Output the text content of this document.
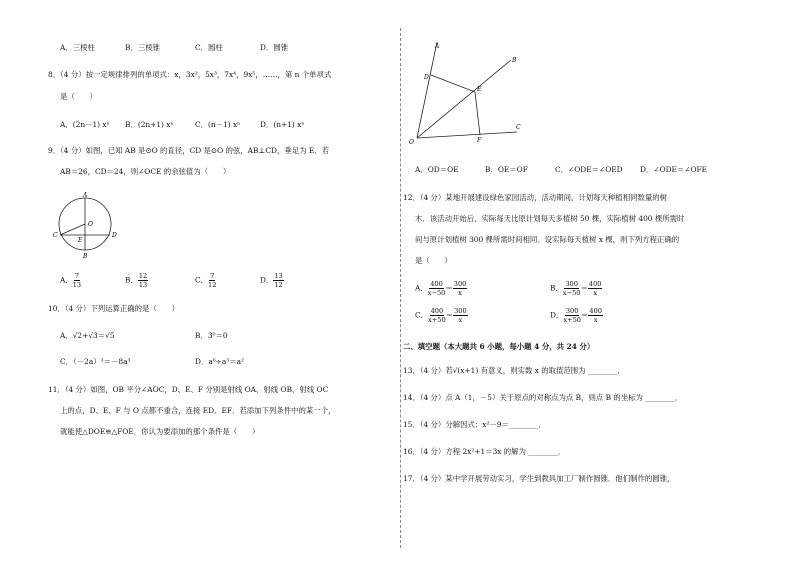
A．三棱柱	B．三棱锥	C．圆柱	D．圆锥
8．（4 分）按一定规律排列的单项式：x，3x²，5x³，7x⁴，9x⁵，……，第 n 个单项式
是（　　）
A．(2n－1) xⁿ B．(2n+1) xⁿ	C．(n－1) xⁿ	D．(n+1) xⁿ
9．（4 分）如图，已知 AB 是⊙O 的直径，CD 是⊙O 的弦，AB⊥CD，垂足为 E．若
AB＝26，CD＝24，则∠OCE 的余弦值为（　　）
A
O
C
E
D
B
A． $\frac{7}{13}$	B． $\frac{12}{13}$	C． $\frac{7}{12}$	D． $\frac{13}{12}$
10．（4 分）下列运算正确的是（　　）
A．√2+√3＝√5	B．3⁰＝0
C．（－2a）³＝－8a³	D．a⁶÷a³＝a²
11．（4 分）如图，OB 平分∠AOC，D、E、F 分别是射线 OA、射线 OB、射线 OC
上的点，D、E、F 与 O 点都不重合，连接 ED、EF．若添加下列条件中的某一个，
就能使△DOE≌△FOE．你认为要添加的那个条件是（　　）
A
B
C
D
E
F
O
A．OD＝OE	B．OE＝OF	C．∠ODE＝∠OED D．∠ODE＝∠OFE
12．（4 分）某地开展建设绿色家园活动，活动期间，计划每天种植相同数量的树
木．该活动开始后，实际每天比原计划每天多植树 50 棵，实际植树 400 棵所需时
间与原计划植树 300 棵所需时间相同．设实际每天植树 x 棵，则下列方程正确的
是（　　）
A． $\frac{400}{x-50} = \frac{300}{x}$	B． $\frac{300}{x-50} = \frac{400}{x}$
C． $\frac{400}{x+50} = \frac{300}{x}$	D． $\frac{300}{x+50} = \frac{400}{x}$
二、填空题（本大题共 6 小题，每小题 4 分，共 24 分）
13．（4 分）若√(x+1) 有意义，则实数 x 的取值范围为 ________．
14．（4 分）点 A（1，－5）关于原点的对称点为点 B，则点 B 的坐标为 ________．
15．（4 分）分解因式：x²－9＝________．
16．（4 分）方程 2x²+1＝3x 的解为 ________．
17．（4 分）某中学开展劳动实习，学生到教具加工厂制作圆锥．他们制作的圆锥，
